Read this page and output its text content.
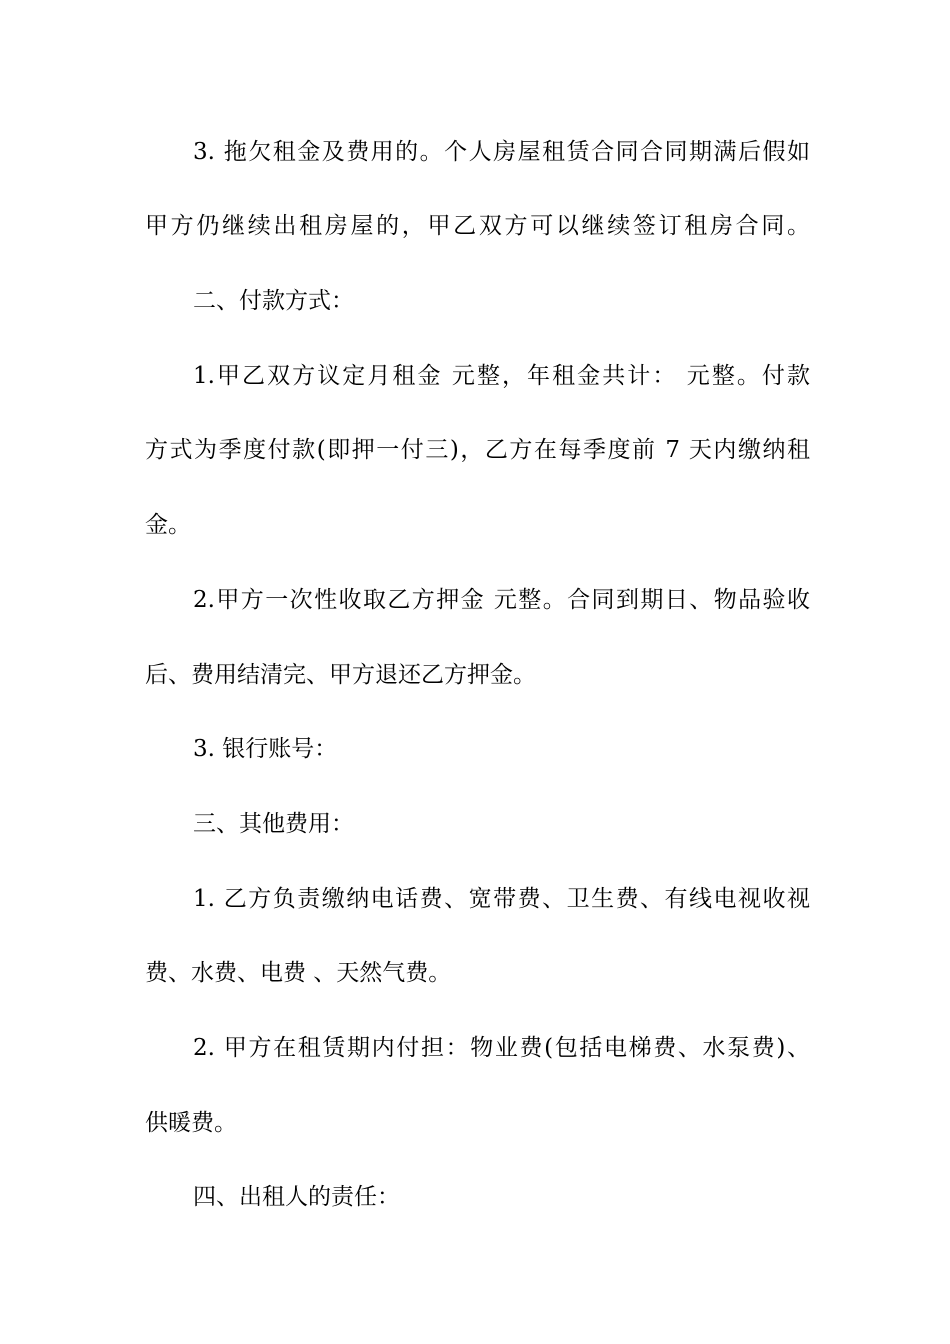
3. 拖欠租金及费用的。个人房屋租赁合同合同期满后假如
甲方仍继续出租房屋的，甲乙双方可以继续签订租房合同。
二、付款方式：
1.甲乙双方议定月租金 元整，年租金共计： 元整。付款
方式为季度付款(即押一付三)，乙方在每季度前 7 天内缴纳租
金。
2.甲方一次性收取乙方押金 元整。合同到期日、物品验收
后、费用结清完、甲方退还乙方押金。
3. 银行账号：
三、其他费用：
1. 乙方负责缴纳电话费、宽带费、卫生费、有线电视收视
费、水费、电费 、天然气费。
2. 甲方在租赁期内付担：物业费(包括电梯费、水泵费)、
供暖费。
四、出租人的责任：
